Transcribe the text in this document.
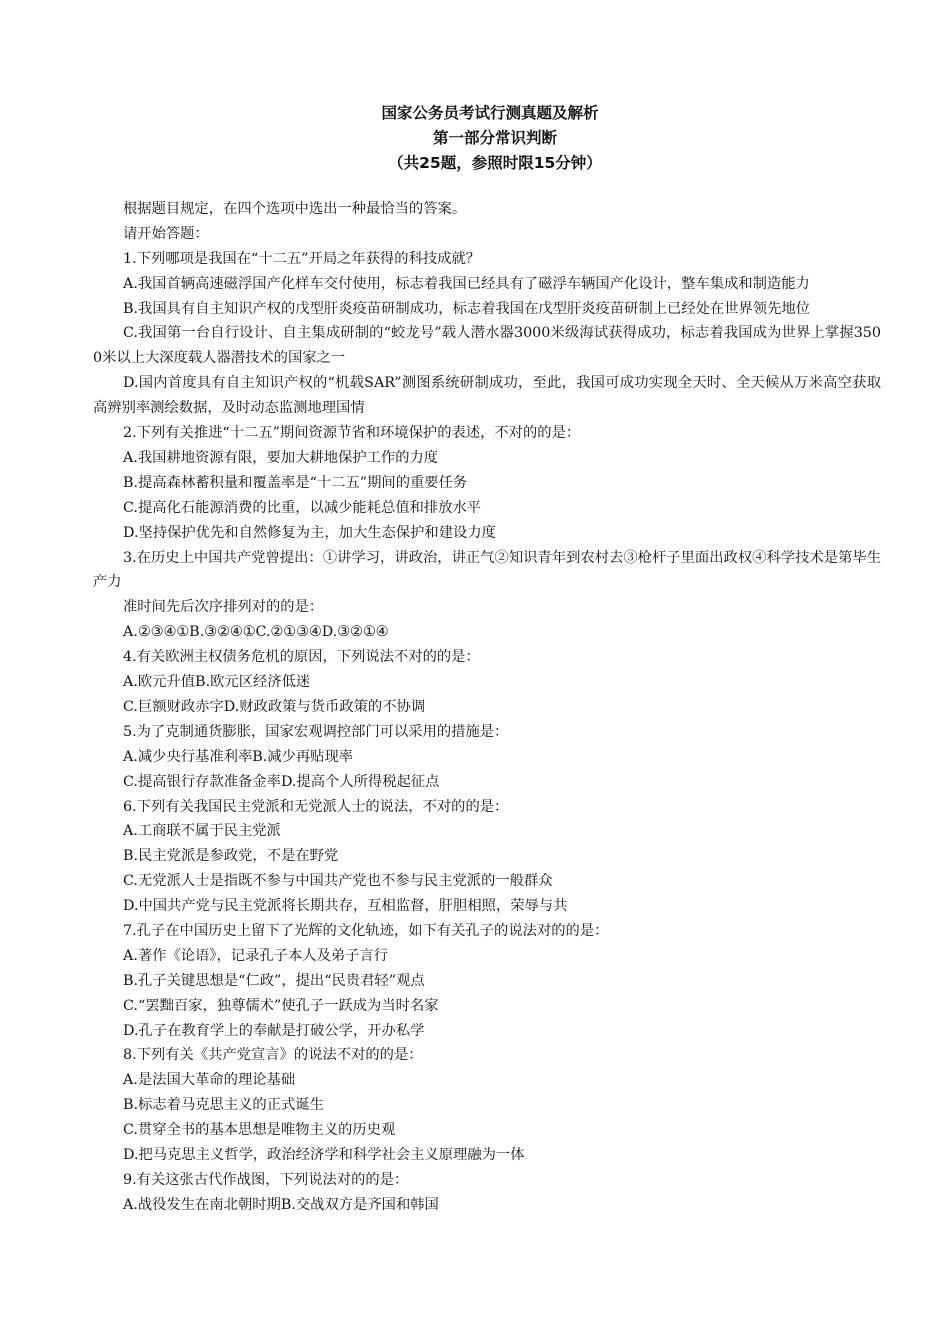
国家公务员考试行测真题及解析
第一部分常识判断
（共25题，参照时限15分钟）
根据题目规定，在四个选项中选出一种最恰当的答案。
请开始答题：
1.下列哪项是我国在“十二五”开局之年获得的科技成就？
A.我国首辆高速磁浮国产化样车交付使用，标志着我国已经具有了磁浮车辆国产化设计，整车集成和制造能力
B.我国具有自主知识产权的戊型肝炎疫苗研制成功，标志着我国在戊型肝炎疫苗研制上已经处在世界领先地位
C.我国第一台自行设计、自主集成研制的“蛟龙号”载人潜水器3000米级海试获得成功，标志着我国成为世界上掌握3500米以上大深度载人器潜技术的国家之一
D.国内首度具有自主知识产权的“机载SAR”测图系统研制成功，至此，我国可成功实现全天时、全天候从万米高空获取高辨别率测绘数据，及时动态监测地理国情
2.下列有关推进“十二五”期间资源节省和环境保护的表述，不对的的是：
A.我国耕地资源有限，要加大耕地保护工作的力度
B.提高森林蓄积量和覆盖率是“十二五”期间的重要任务
C.提高化石能源消费的比重，以减少能耗总值和排放水平
D.坚持保护优先和自然修复为主，加大生态保护和建设力度
3.在历史上中国共产党曾提出：①讲学习，讲政治，讲正气②知识青年到农村去③枪杆子里面出政权④科学技术是第毕生产力
准时间先后次序排列对的的是：
A.②③④①B.③②④①C.②①③④D.③②①④
4.有关欧洲主权债务危机的原因，下列说法不对的的是：
A.欧元升值B.欧元区经济低迷
C.巨额财政赤字D.财政政策与货币政策的不协调
5.为了克制通货膨胀，国家宏观调控部门可以采用的措施是：
A.减少央行基准利率B.减少再贴现率
C.提高银行存款准备金率D.提高个人所得税起征点
6.下列有关我国民主党派和无党派人士的说法，不对的的是：
A.工商联不属于民主党派
B.民主党派是参政党，不是在野党
C.无党派人士是指既不参与中国共产党也不参与民主党派的一般群众
D.中国共产党与民主党派将长期共存，互相监督，肝胆相照，荣辱与共
7.孔子在中国历史上留下了光辉的文化轨迹，如下有关孔子的说法对的的是：
A.著作《论语》，记录孔子本人及弟子言行
B.孔子关键思想是“仁政”，提出“民贵君轻”观点
C.“罢黜百家，独尊儒术”使孔子一跃成为当时名家
D.孔子在教育学上的奉献是打破公学，开办私学
8.下列有关《共产党宣言》的说法不对的的是：
A.是法国大革命的理论基础
B.标志着马克思主义的正式诞生
C.贯穿全书的基本思想是唯物主义的历史观
D.把马克思主义哲学，政治经济学和科学社会主义原理融为一体
9.有关这张古代作战图，下列说法对的的是：
A.战役发生在南北朝时期B.交战双方是齐国和韩国
